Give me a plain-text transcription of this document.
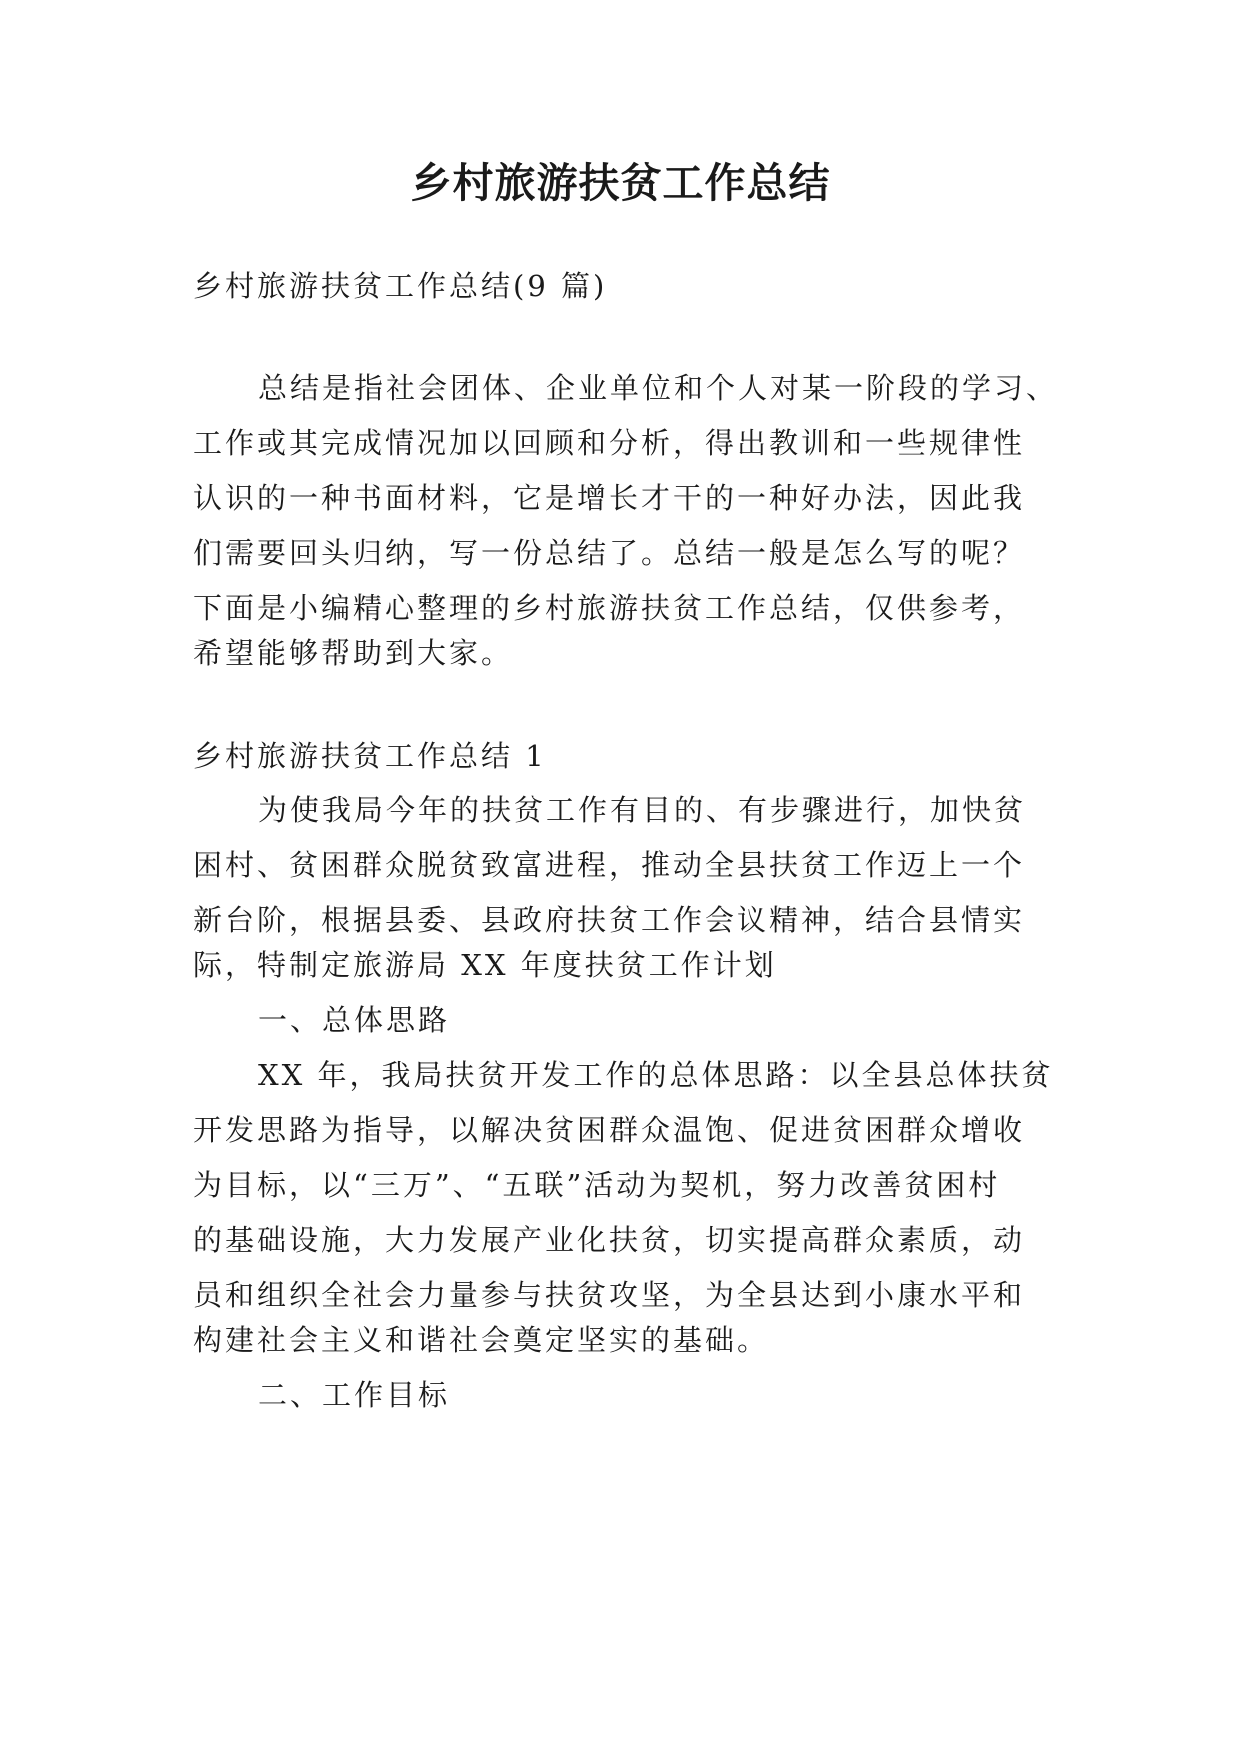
乡村旅游扶贫工作总结

乡村旅游扶贫工作总结(9 篇)

总结是指社会团体、企业单位和个人对某一阶段的学习、

工作或其完成情况加以回顾和分析，得出教训和一些规律性

认识的一种书面材料，它是增长才干的一种好办法，因此我

们需要回头归纳，写一份总结了。总结一般是怎么写的呢？

下面是小编精心整理的乡村旅游扶贫工作总结，仅供参考，

希望能够帮助到大家。

乡村旅游扶贫工作总结 1

为使我局今年的扶贫工作有目的、有步骤进行，加快贫

困村、贫困群众脱贫致富进程，推动全县扶贫工作迈上一个

新台阶，根据县委、县政府扶贫工作会议精神，结合县情实

际，特制定旅游局 XX 年度扶贫工作计划

一、总体思路

XX 年，我局扶贫开发工作的总体思路：以全县总体扶贫

开发思路为指导，以解决贫困群众温饱、促进贫困群众增收

为目标，以“三万”、“五联”活动为契机，努力改善贫困村

的基础设施，大力发展产业化扶贫，切实提高群众素质，动

员和组织全社会力量参与扶贫攻坚，为全县达到小康水平和

构建社会主义和谐社会奠定坚实的基础。

二、工作目标
